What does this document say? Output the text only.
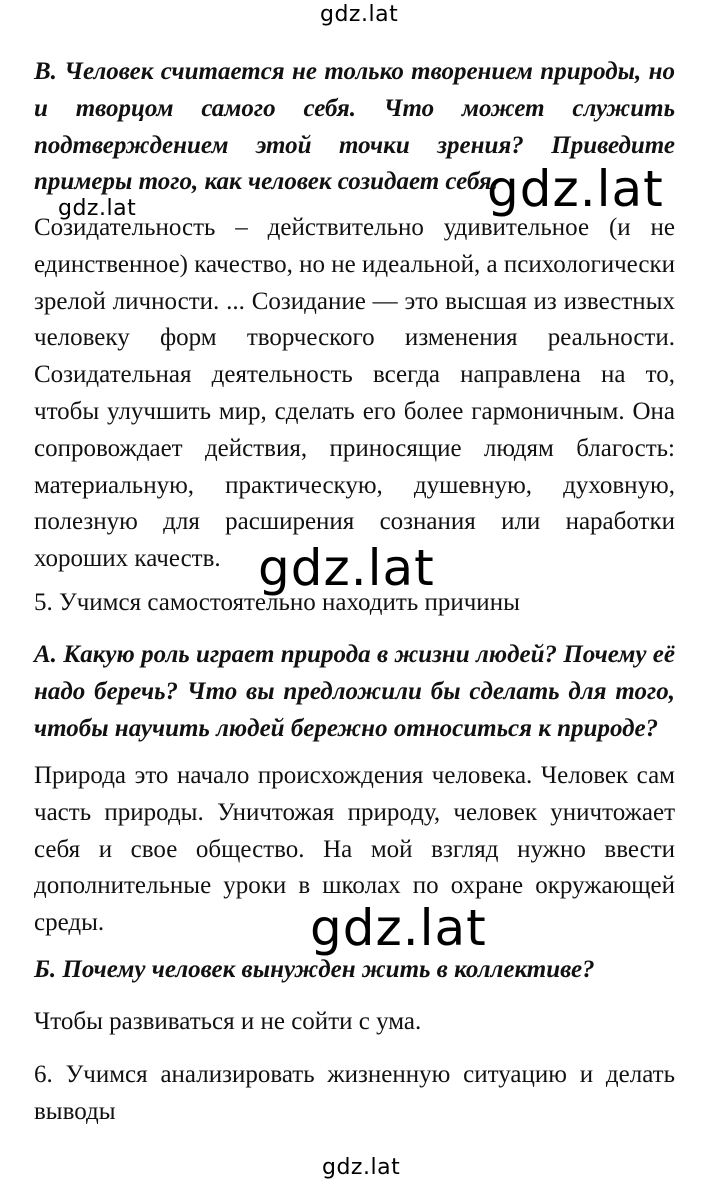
gdz.lat
gdz.lat	gdz.lat
gdz.lat
gdz.lat
gdz.lat

В. Человек считается не только творением природы, но и творцом самого себя. Что может служить подтверждением этой точки зрения? Приведите примеры того, как человек созидает себя.

Созидательность – действительно удивительное (и не единственное) качество, но не идеальной, а психологически зрелой личности. ... Созидание — это высшая из известных человеку форм творческого изменения реальности. Созидательная деятельность всегда направлена на то, чтобы улучшить мир, сделать его более гармоничным. Она сопровождает действия, приносящие людям благость: материальную, практическую, душевную, духовную, полезную для расширения сознания или наработки хороших качеств.

5. Учимся самостоятельно находить причины

А. Какую роль играет природа в жизни людей? Почему её надо беречь? Что вы предложили бы сделать для того, чтобы научить людей бережно относиться к природе?

Природа это начало происхождения человека. Человек сам часть природы. Уничтожая природу, человек уничтожает себя и свое общество. На мой взгляд нужно ввести дополнительные уроки в школах по охране окружающей среды.

Б. Почему человек вынужден жить в коллективе?

Чтобы развиваться и не сойти с ума.

6. Учимся анализировать жизненную ситуацию и делать выводы
